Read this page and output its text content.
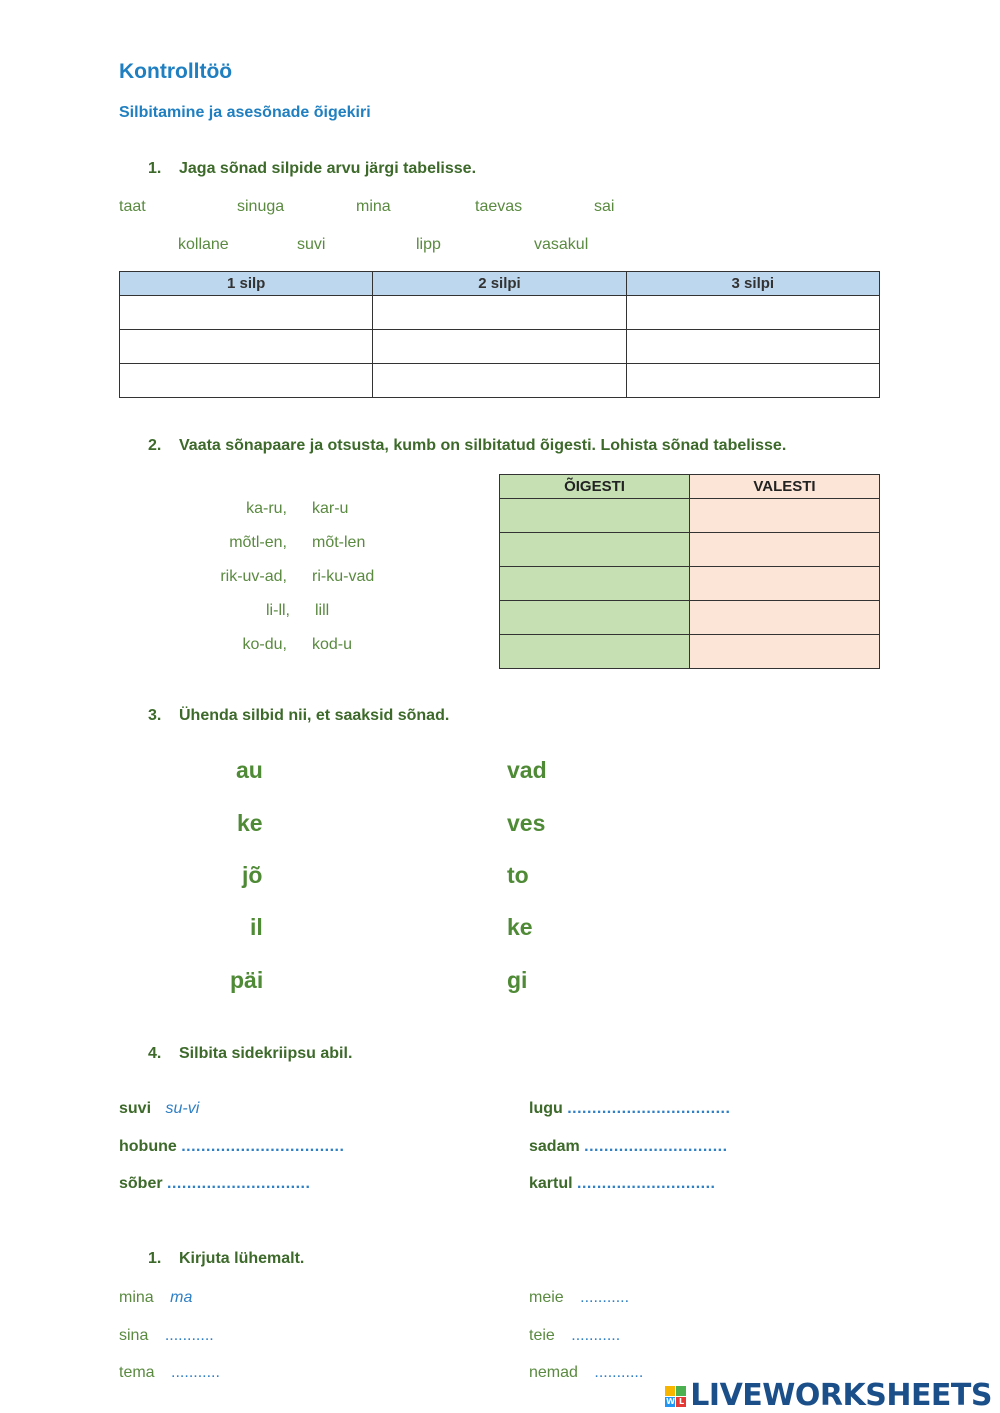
Kontrolltöö
Silbitamine ja asesõnade õigekiri
1. Jaga sõnad silpide arvu järgi tabelisse.
taat	sinuga	mina	taevas	sai
kollane	suvi	lipp	vasakul
1 silp	2 silpi	3 silpi

2. Vaata sõnapaare ja otsusta, kumb on silbitatud õigesti. Lohista sõnad tabelisse.
ka-ru, kar-u
mõtl-en, mõt-len
rik-uv-ad, ri-ku-vad
li-ll, lill
ko-du, kod-u
ÕIGESTI	VALESTI

3. Ühenda silbid nii, et saaksid sõnad.
au
ke
jõ
il
päi
vad
ves
to
ke
gi
4. Silbita sidekriipsu abil.
suvi su-vi
hobune .................................
sõber .............................
lugu .................................
sadam .............................
kartul ............................
1. Kirjuta lühemalt.
mina ma
sina ...........
tema ...........
meie ...........
teie ...........
nemad ...........
W L LIVEWORKSHEETS
